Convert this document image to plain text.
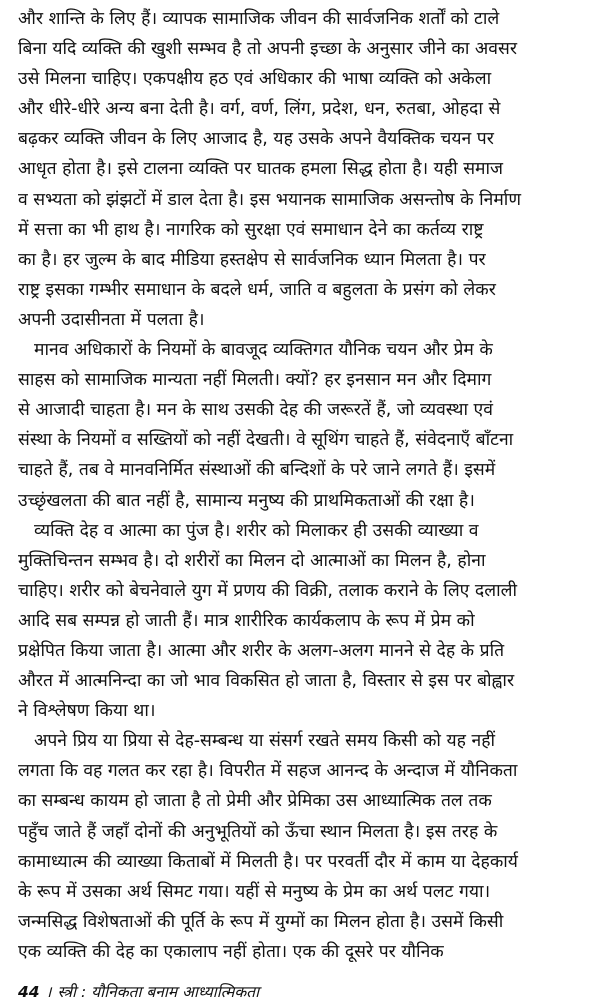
और शान्ति के लिए हैं। व्यापक सामाजिक जीवन की सार्वजनिक शर्तों को टाले
बिना यदि व्यक्ति की खुशी सम्भव है तो अपनी इच्छा के अनुसार जीने का अवसर
उसे मिलना चाहिए। एकपक्षीय हठ एवं अधिकार की भाषा व्यक्ति को अकेला
और धीरे-धीरे अन्य बना देती है। वर्ग, वर्ण, लिंग, प्रदेश, धन, रुतबा, ओहदा से
बढ़कर व्यक्ति जीवन के लिए आजाद है, यह उसके अपने वैयक्तिक चयन पर
आधृत होता है। इसे टालना व्यक्ति पर घातक हमला सिद्ध होता है। यही समाज
व सभ्यता को झंझटों में डाल देता है। इस भयानक सामाजिक असन्तोष के निर्माण
में सत्ता का भी हाथ है। नागरिक को सुरक्षा एवं समाधान देने का कर्तव्य राष्ट्र
का है। हर जुल्म के बाद मीडिया हस्तक्षेप से सार्वजनिक ध्यान मिलता है। पर
राष्ट्र इसका गम्भीर समाधान के बदले धर्म, जाति व बहुलता के प्रसंग को लेकर
अपनी उदासीनता में पलता है।

मानव अधिकारों के नियमों के बावजूद व्यक्तिगत यौनिक चयन और प्रेम के
साहस को सामाजिक मान्यता नहीं मिलती। क्यों? हर इनसान मन और दिमाग
से आजादी चाहता है। मन के साथ उसकी देह की जरूरतें हैं, जो व्यवस्था एवं
संस्था के नियमों व सख्तियों को नहीं देखती। वे सूथिंग चाहते हैं, संवेदनाएँ बाँटना
चाहते हैं, तब वे मानवनिर्मित संस्थाओं की बन्दिशों के परे जाने लगते हैं। इसमें
उच्छृंखलता की बात नहीं है, सामान्य मनुष्य की प्राथमिकताओं की रक्षा है।

व्यक्ति देह व आत्मा का पुंज है। शरीर को मिलाकर ही उसकी व्याख्या व
मुक्तिचिन्तन सम्भव है। दो शरीरों का मिलन दो आत्माओं का मिलन है, होना
चाहिए। शरीर को बेचनेवाले युग में प्रणय की विक्री, तलाक कराने के लिए दलाली
आदि सब सम्पन्न हो जाती हैं। मात्र शारीरिक कार्यकलाप के रूप में प्रेम को
प्रक्षेपित किया जाता है। आत्मा और शरीर के अलग-अलग मानने से देह के प्रति
औरत में आत्मनिन्दा का जो भाव विकसित हो जाता है, विस्तार से इस पर बोह्वार
ने विश्लेषण किया था।

अपने प्रिय या प्रिया से देह-सम्बन्ध या संसर्ग रखते समय किसी को यह नहीं
लगता कि वह गलत कर रहा है। विपरीत में सहज आनन्द के अन्दाज में यौनिकता
का सम्बन्ध कायम हो जाता है तो प्रेमी और प्रेमिका उस आध्यात्मिक तल तक
पहुँच जाते हैं जहाँ दोनों की अनुभूतियों को ऊँचा स्थान मिलता है। इस तरह के
कामाध्यात्म की व्याख्या किताबों में मिलती है। पर परवर्ती दौर में काम या देहकार्य
के रूप में उसका अर्थ सिमट गया। यहीं से मनुष्य के प्रेम का अर्थ पलट गया।
जन्मसिद्ध विशेषताओं की पूर्ति के रूप में युग्मों का मिलन होता है। उसमें किसी
एक व्यक्ति की देह का एकालाप नहीं होता। एक की दूसरे पर यौनिक

44 । स्त्री : यौनिकता बनाम आध्यात्मिकता
